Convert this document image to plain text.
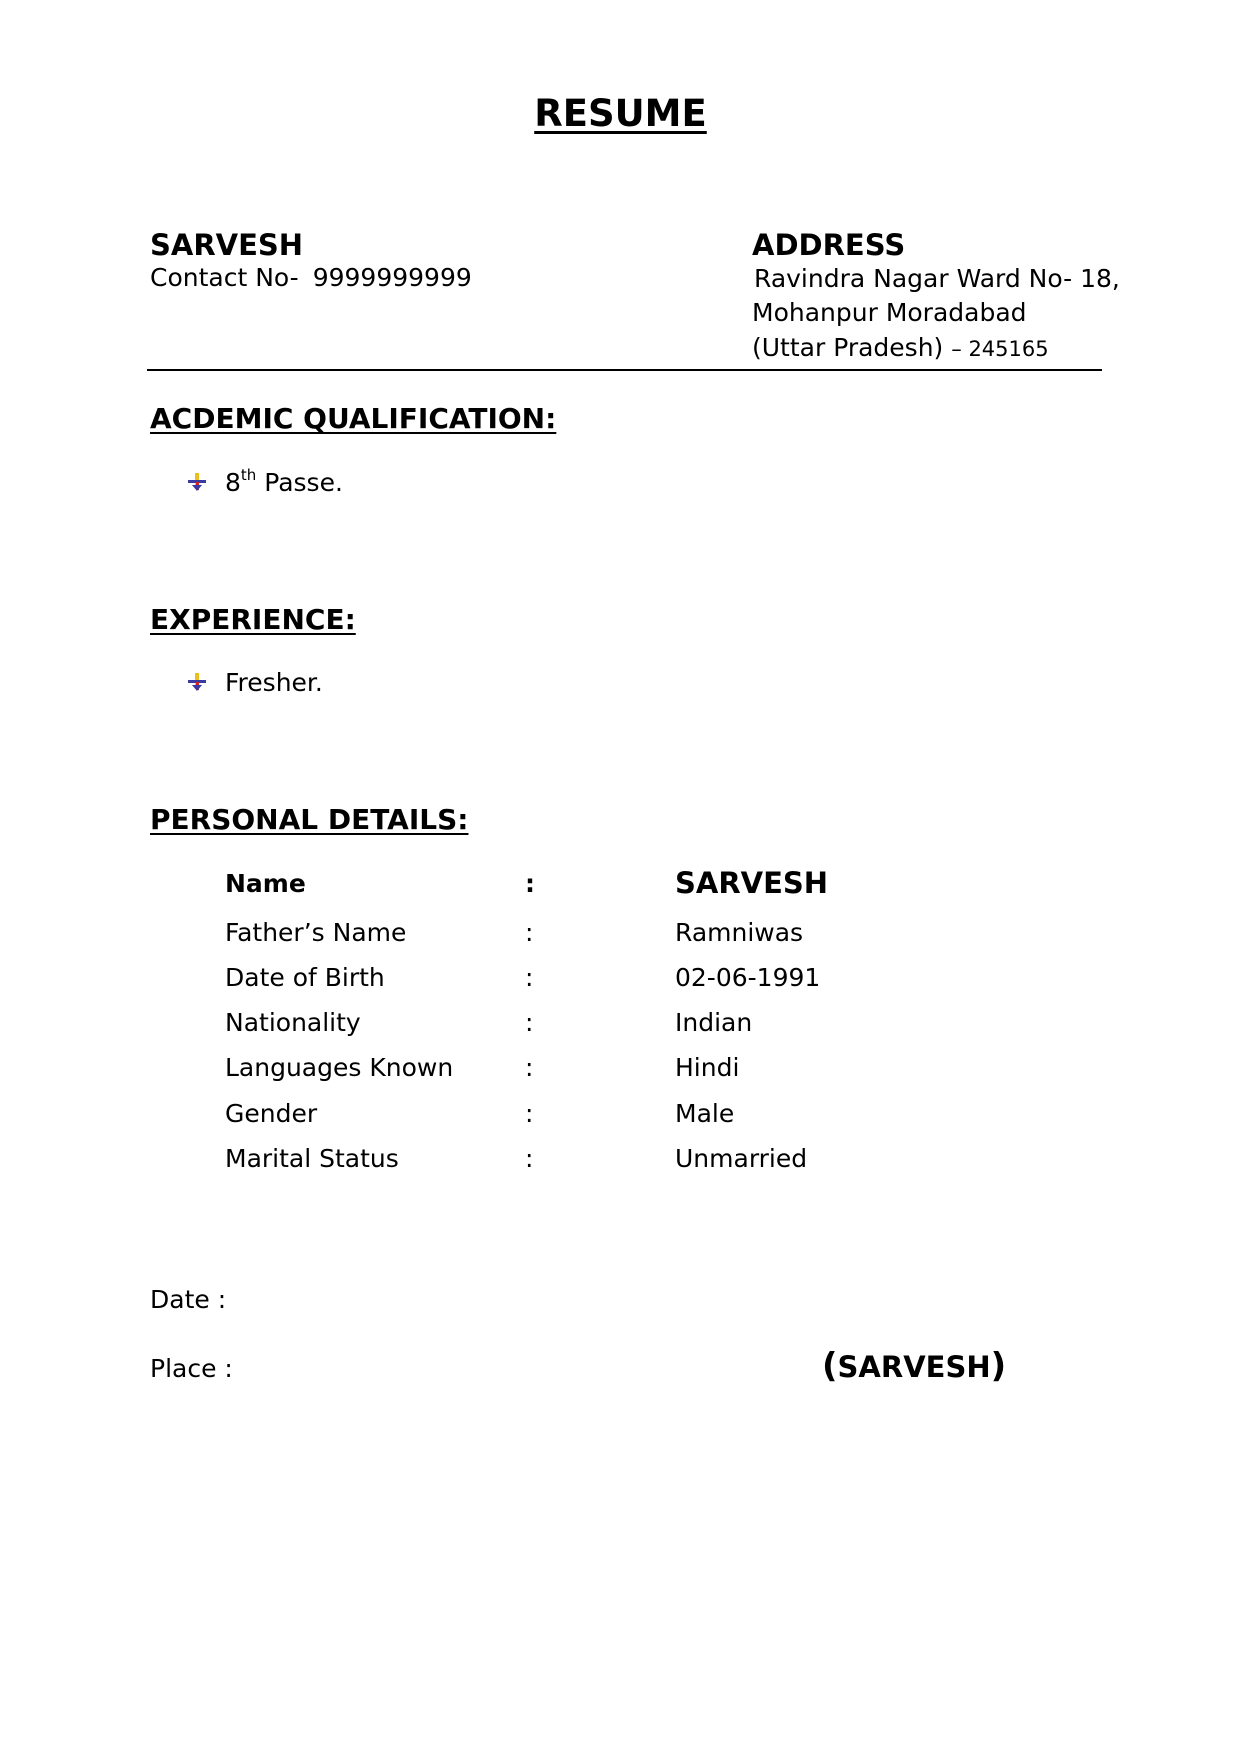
RESUME
SARVESH
Contact No- 9999999999
ADDRESS
Ravindra Nagar Ward No- 18,
Mohanpur Moradabad
(Uttar Pradesh) – 245165
ACDEMIC QUALIFICATION:
8th Passe.
EXPERIENCE:
Fresher.
PERSONAL DETAILS:
Name	:	SARVESH
Father’s Name	:	Ramniwas
Date of Birth	:	02-06-1991
Nationality	:	Indian
Languages Known	:	Hindi
Gender	:	Male
Marital Status	:	Unmarried
Date :
Place :	(SARVESH)
